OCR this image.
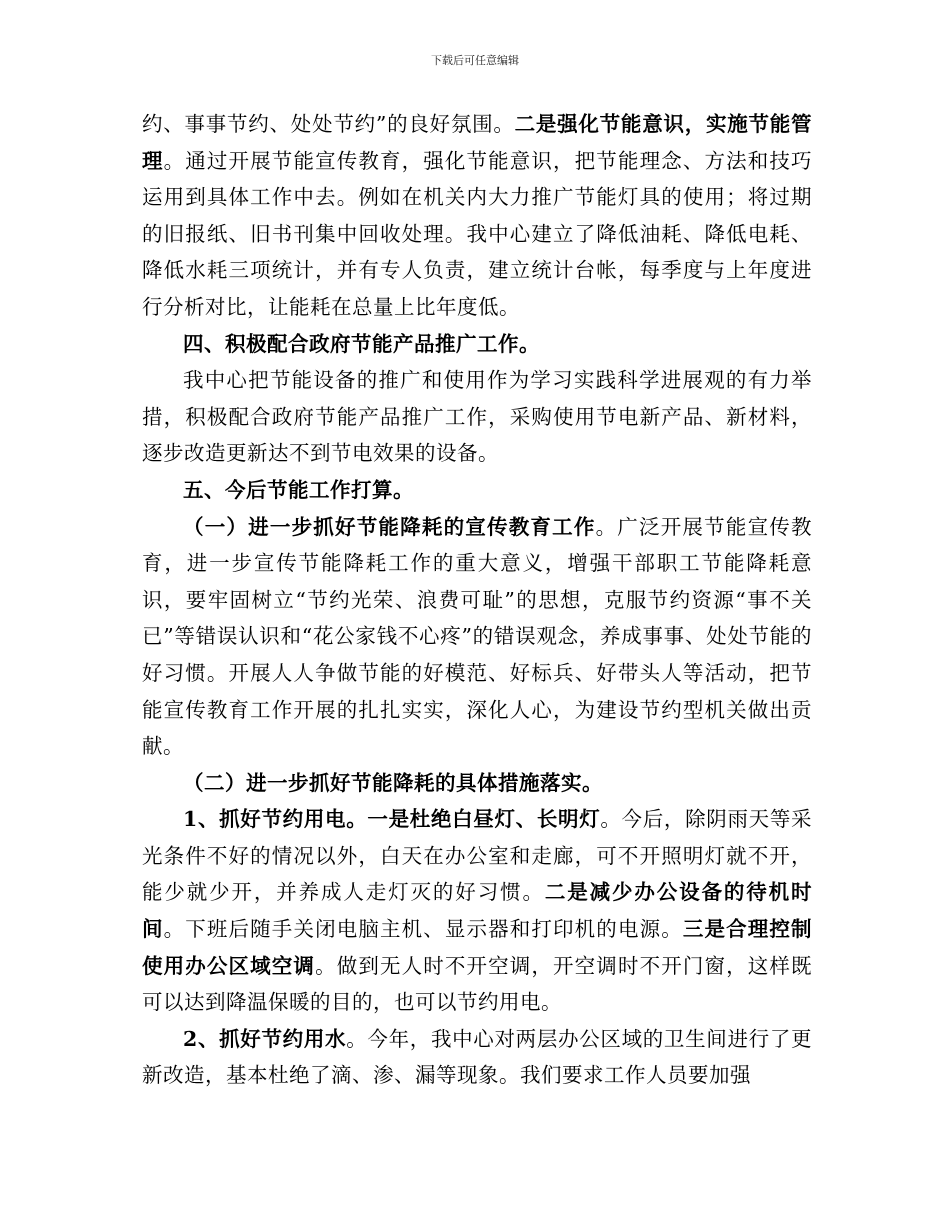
下载后可任意编辑

约、事事节约、处处节约”的良好氛围。二是强化节能意识，实施节能管理。通过开展节能宣传教育，强化节能意识，把节能理念、方法和技巧运用到具体工作中去。例如在机关内大力推广节能灯具的使用；将过期的旧报纸、旧书刊集中回收处理。我中心建立了降低油耗、降低电耗、降低水耗三项统计，并有专人负责，建立统计台帐，每季度与上年度进行分析对比，让能耗在总量上比年度低。

四、积极配合政府节能产品推广工作。

我中心把节能设备的推广和使用作为学习实践科学进展观的有力举措，积极配合政府节能产品推广工作，采购使用节电新产品、新材料，逐步改造更新达不到节电效果的设备。

五、今后节能工作打算。

（一）进一步抓好节能降耗的宣传教育工作。广泛开展节能宣传教育，进一步宣传节能降耗工作的重大意义，增强干部职工节能降耗意识，要牢固树立“节约光荣、浪费可耻”的思想，克服节约资源“事不关已”等错误认识和“花公家钱不心疼”的错误观念，养成事事、处处节能的好习惯。开展人人争做节能的好模范、好标兵、好带头人等活动，把节能宣传教育工作开展的扎扎实实，深化人心，为建设节约型机关做出贡献。

（二）进一步抓好节能降耗的具体措施落实。

1、抓好节约用电。一是杜绝白昼灯、长明灯。今后，除阴雨天等采光条件不好的情况以外，白天在办公室和走廊，可不开照明灯就不开，能少就少开，并养成人走灯灭的好习惯。二是减少办公设备的待机时间。下班后随手关闭电脑主机、显示器和打印机的电源。三是合理控制使用办公区域空调。做到无人时不开空调，开空调时不开门窗，这样既可以达到降温保暖的目的，也可以节约用电。

2、抓好节约用水。今年，我中心对两层办公区域的卫生间进行了更新改造，基本杜绝了滴、渗、漏等现象。我们要求工作人员要加强
